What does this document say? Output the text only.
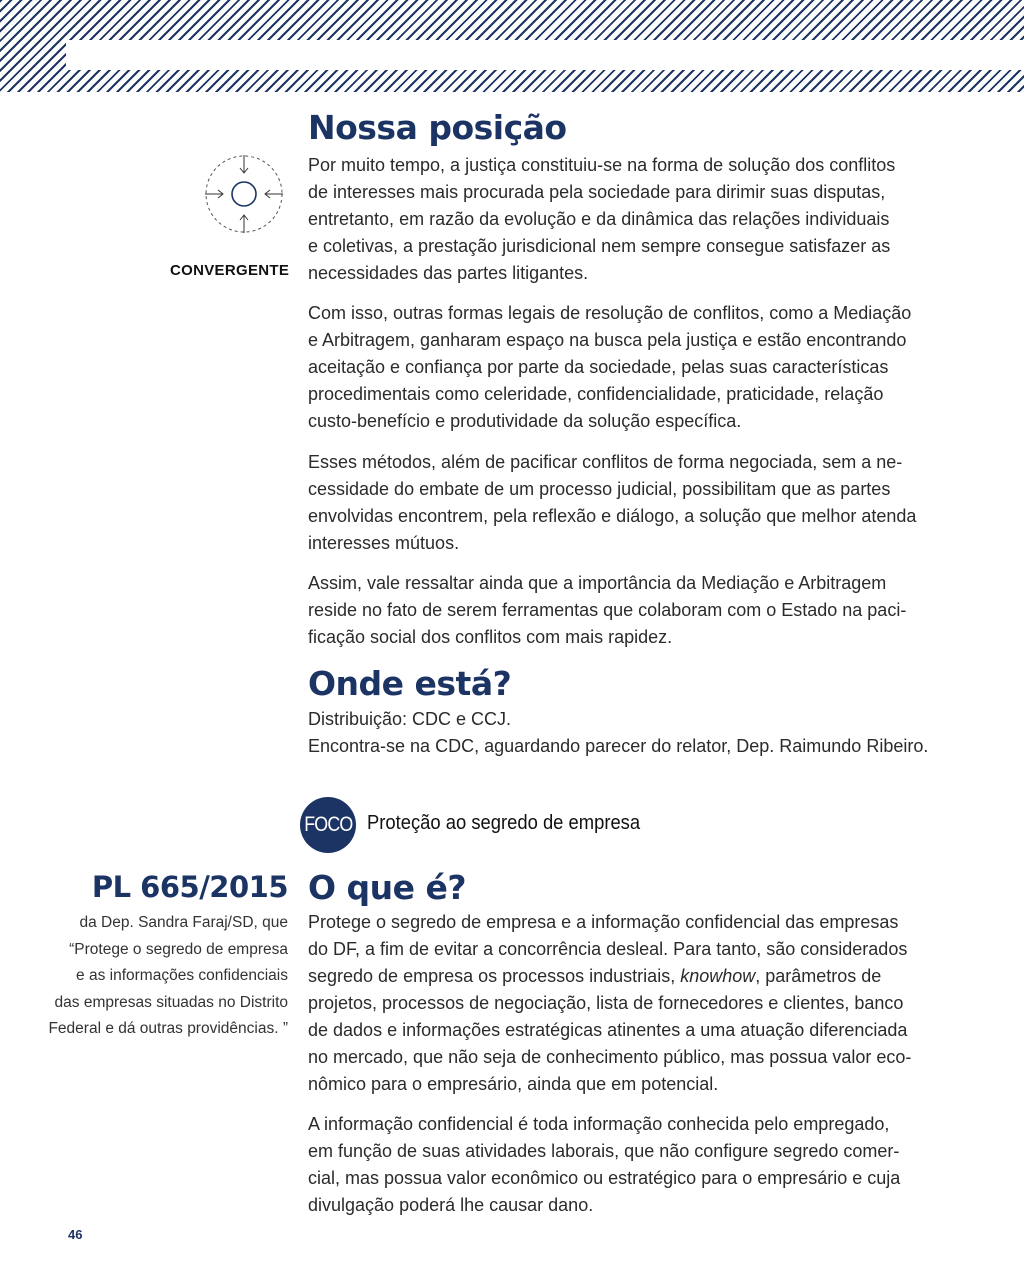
Nossa posição
CONVERGENTE
Por muito tempo, a justiça constituiu-se na forma de solução dos conflitos
de interesses mais procurada pela sociedade para dirimir suas disputas,
entretanto, em razão da evolução e da dinâmica das relações individuais
e coletivas, a prestação jurisdicional nem sempre consegue satisfazer as
necessidades das partes litigantes.
Com isso, outras formas legais de resolução de conflitos, como a Mediação
e Arbitragem, ganharam espaço na busca pela justiça e estão encontrando
aceitação e confiança por parte da sociedade, pelas suas características
procedimentais como celeridade, confidencialidade, praticidade, relação
custo-benefício e produtividade da solução específica.
Esses métodos, além de pacificar conflitos de forma negociada, sem a ne-
cessidade do embate de um processo judicial, possibilitam que as partes
envolvidas encontrem, pela reflexão e diálogo, a solução que melhor atenda
interesses mútuos.
Assim, vale ressaltar ainda que a importância da Mediação e Arbitragem
reside no fato de serem ferramentas que colaboram com o Estado na paci-
ficação social dos conflitos com mais rapidez.
Onde está?
Distribuição: CDC e CCJ.
Encontra-se na CDC, aguardando parecer do relator, Dep. Raimundo Ribeiro.
FOCO Proteção ao segredo de empresa
PL 665/2015
da Dep. Sandra Faraj/SD, que
“Protege o segredo de empresa
e as informações confidenciais
das empresas situadas no Distrito
Federal e dá outras providências. ”
O que é?
Protege o segredo de empresa e a informação confidencial das empresas
do DF, a fim de evitar a concorrência desleal. Para tanto, são considerados
segredo de empresa os processos industriais, knowhow, parâmetros de
projetos, processos de negociação, lista de fornecedores e clientes, banco
de dados e informações estratégicas atinentes a uma atuação diferenciada
no mercado, que não seja de conhecimento público, mas possua valor eco-
nômico para o empresário, ainda que em potencial.
A informação confidencial é toda informação conhecida pelo empregado,
em função de suas atividades laborais, que não configure segredo comer-
cial, mas possua valor econômico ou estratégico para o empresário e cuja
divulgação poderá lhe causar dano.
46
